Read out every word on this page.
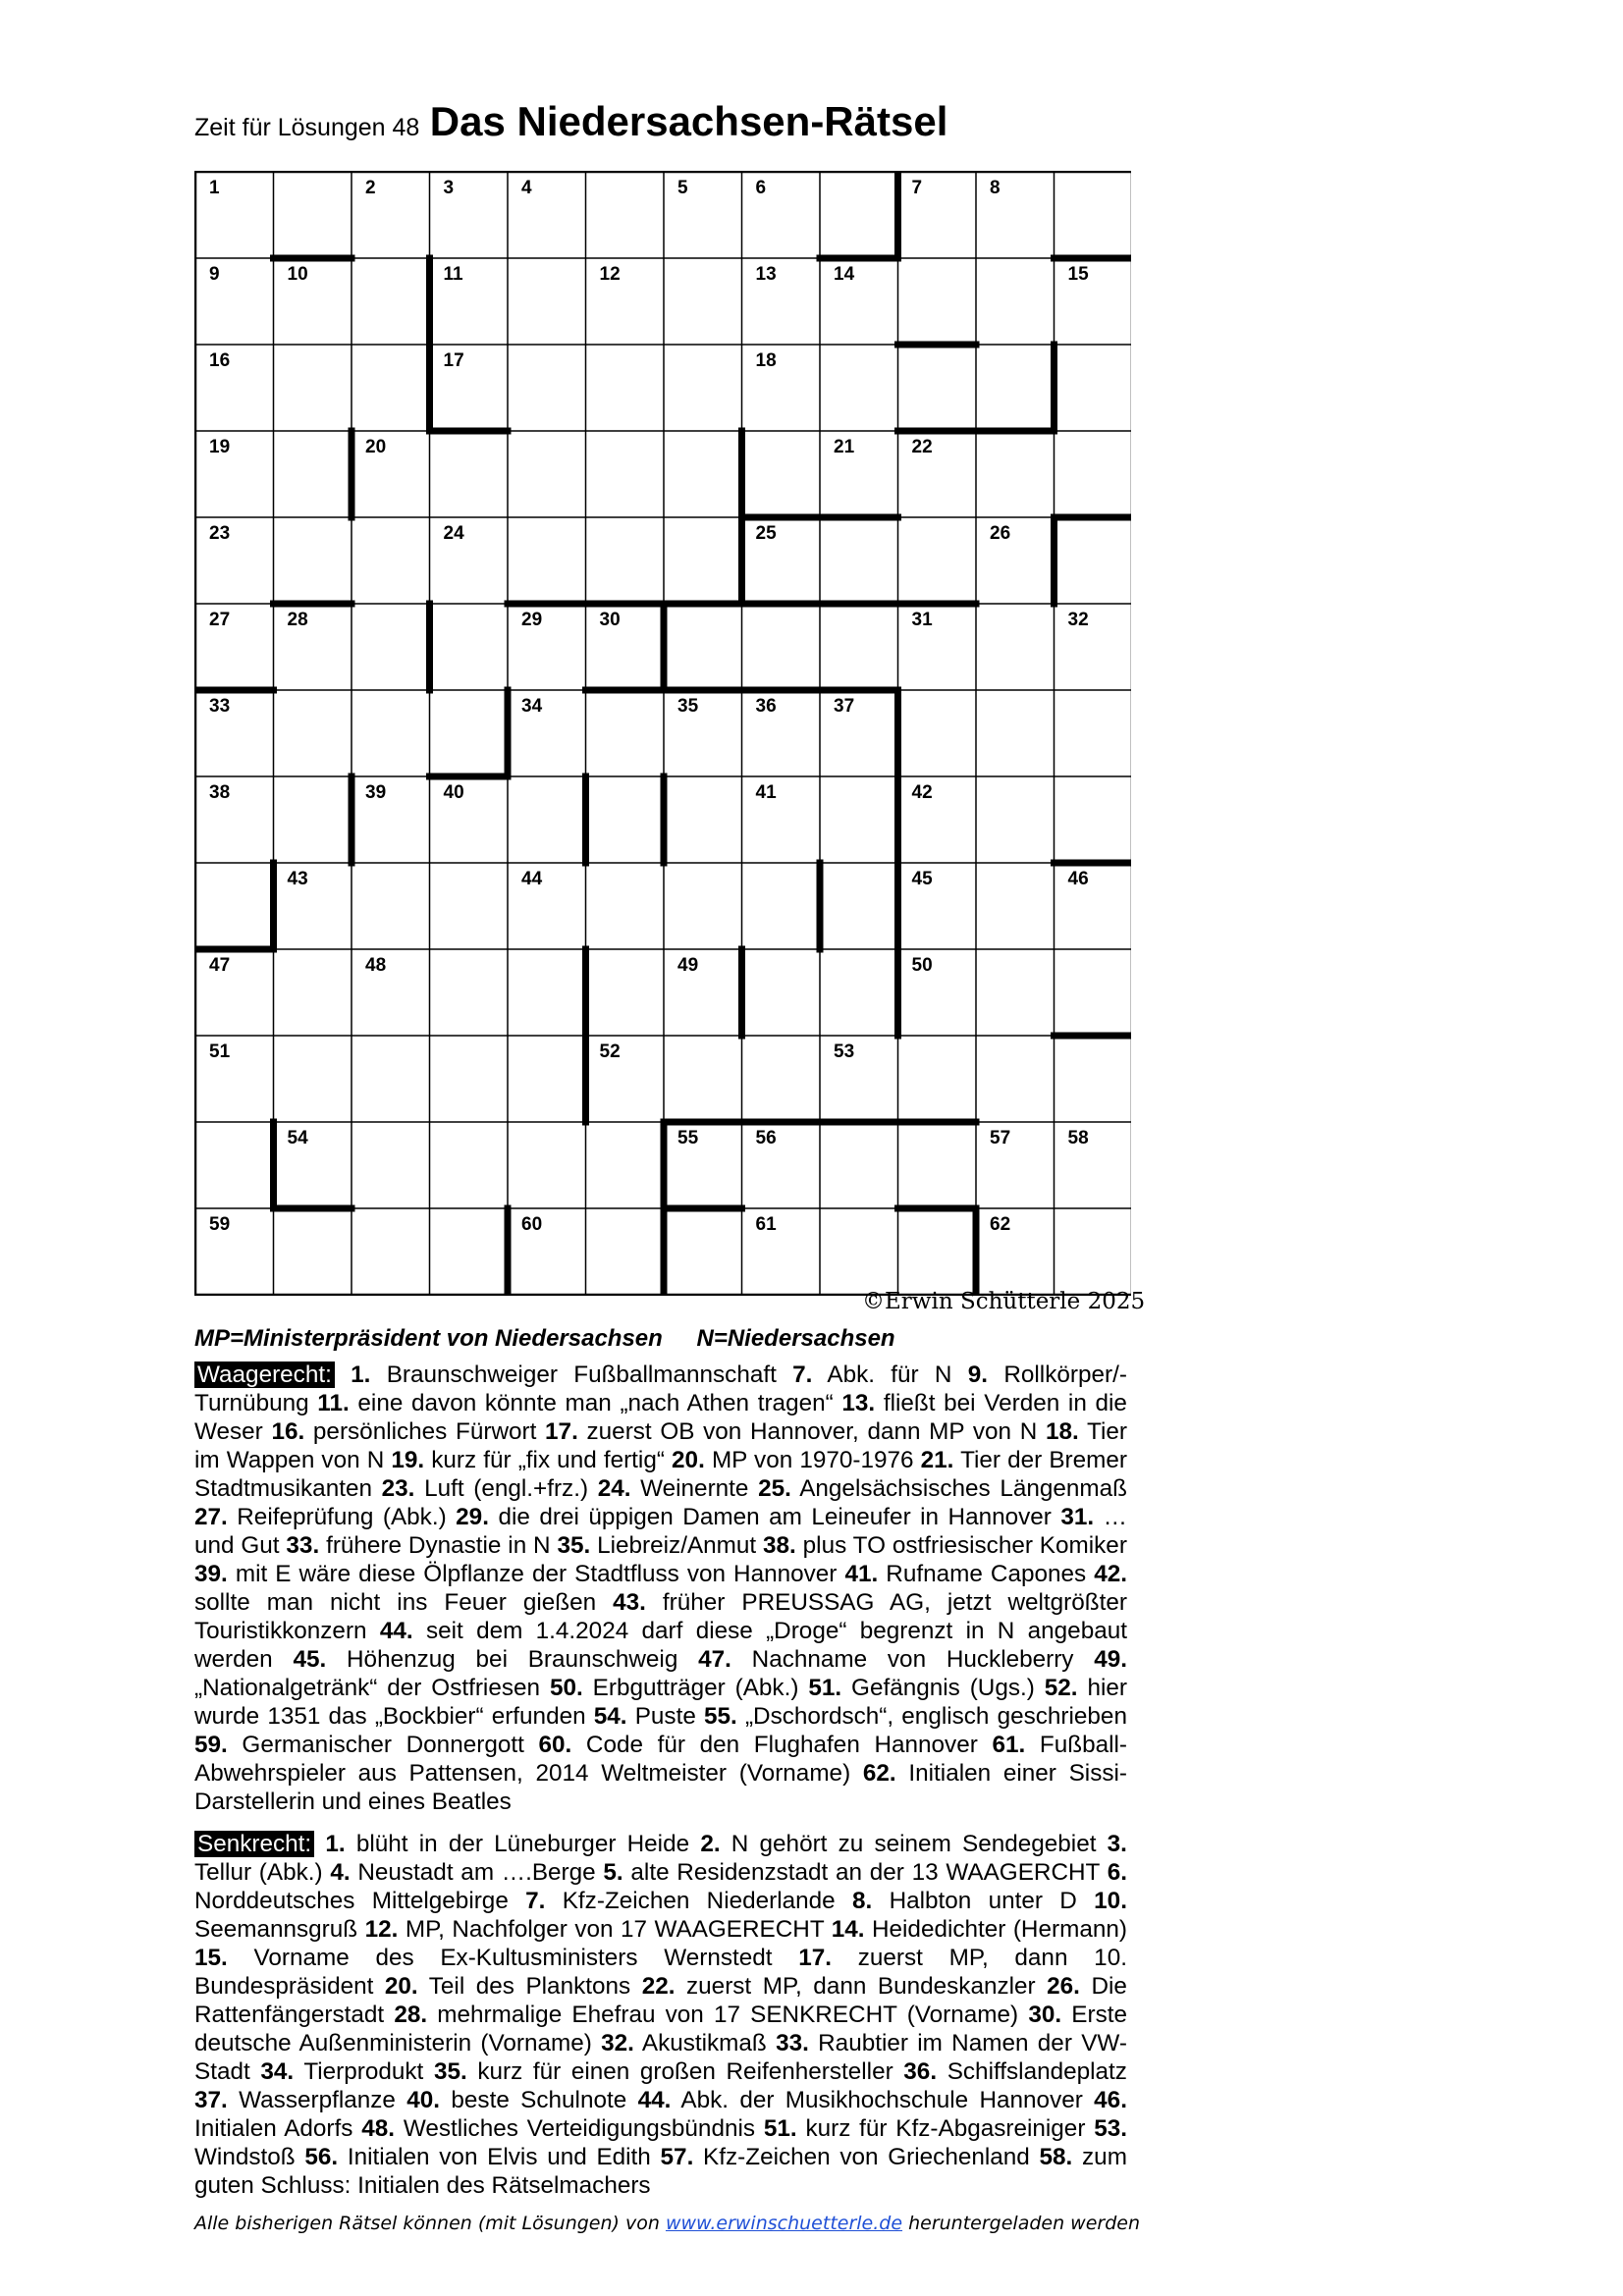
Zeit für Lösungen 48 Das Niedersachsen-Rätsel
1	2	3	4	5	6	7	8
9	10	11	12	13	14	15
16	17	18
19	20	21	22
23	24	25	26
27	28	29	30	31	32
33	34	35	36	37
38	39	40	41	42
43	44	45	46
47	48	49	50
51	52	53
54	55	56	57	58
59	60	61	62
©Erwin Schütterle 2025
MP=Ministerpräsident von Niedersachsen N=Niedersachsen
Waagerecht: 1. Braunschweiger Fußballmannschaft 7. Abk. für N 9. Rollkörper/-Turnübung 11. eine davon könnte man „nach Athen tragen“ 13. fließt bei Verden in die Weser 16. persönliches Fürwort 17. zuerst OB von Hannover, dann MP von N 18. Tier im Wappen von N 19. kurz für „fix und fertig“ 20. MP von 1970-1976 21. Tier der Bremer Stadtmusikanten 23. Luft (engl.+frz.) 24. Weinernte 25. Angelsächsisches Längenmaß 27. Reifeprüfung (Abk.) 29. die drei üppigen Damen am Leineufer in Hannover 31. … und Gut 33. frühere Dynastie in N 35. Liebreiz/Anmut 38. plus TO ostfriesischer Komiker 39. mit E wäre diese Ölpflanze der Stadtfluss von Hannover 41. Rufname Capones 42. sollte man nicht ins Feuer gießen 43. früher PREUSSAG AG, jetzt weltgrößter Touristikkonzern 44. seit dem 1.4.2024 darf diese „Droge“ begrenzt in N angebaut werden 45. Höhenzug bei Braunschweig 47. Nachname von Huckleberry 49. „Nationalgetränk“ der Ostfriesen 50. Erbgutträger (Abk.) 51. Gefängnis (Ugs.) 52. hier wurde 1351 das „Bockbier“ erfunden 54. Puste 55. „Dschordsch“, englisch geschrieben 59. Germanischer Donnergott 60. Code für den Flughafen Hannover 61. Fußball-Abwehrspieler aus Pattensen, 2014 Weltmeister (Vorname) 62. Initialen einer Sissi-Darstellerin und eines Beatles
Senkrecht: 1. blüht in der Lüneburger Heide 2. N gehört zu seinem Sendegebiet 3. Tellur (Abk.) 4. Neustadt am ….Berge 5. alte Residenzstadt an der 13 WAAGERCHT 6. Norddeutsches Mittelgebirge 7. Kfz-Zeichen Niederlande 8. Halbton unter D 10. Seemannsgruß 12. MP, Nachfolger von 17 WAAGERECHT 14. Heidedichter (Hermann) 15. Vorname des Ex-Kultusministers Wernstedt 17. zuerst MP, dann 10. Bundespräsident 20. Teil des Planktons 22. zuerst MP, dann Bundeskanzler 26. Die Rattenfängerstadt 28. mehrmalige Ehefrau von 17 SENKRECHT (Vorname) 30. Erste deutsche Außenministerin (Vorname) 32. Akustikmaß 33. Raubtier im Namen der VW-Stadt 34. Tierprodukt 35. kurz für einen großen Reifenhersteller 36. Schiffslandeplatz 37. Wasserpflanze 40. beste Schulnote 44. Abk. der Musikhochschule Hannover 46. Initialen Adorfs 48. Westliches Verteidigungsbündnis 51. kurz für Kfz-Abgasreiniger 53. Windstoß 56. Initialen von Elvis und Edith 57. Kfz-Zeichen von Griechenland 58. zum guten Schluss: Initialen des Rätselmachers
Alle bisherigen Rätsel können (mit Lösungen) von www.erwinschuetterle.de heruntergeladen werden
